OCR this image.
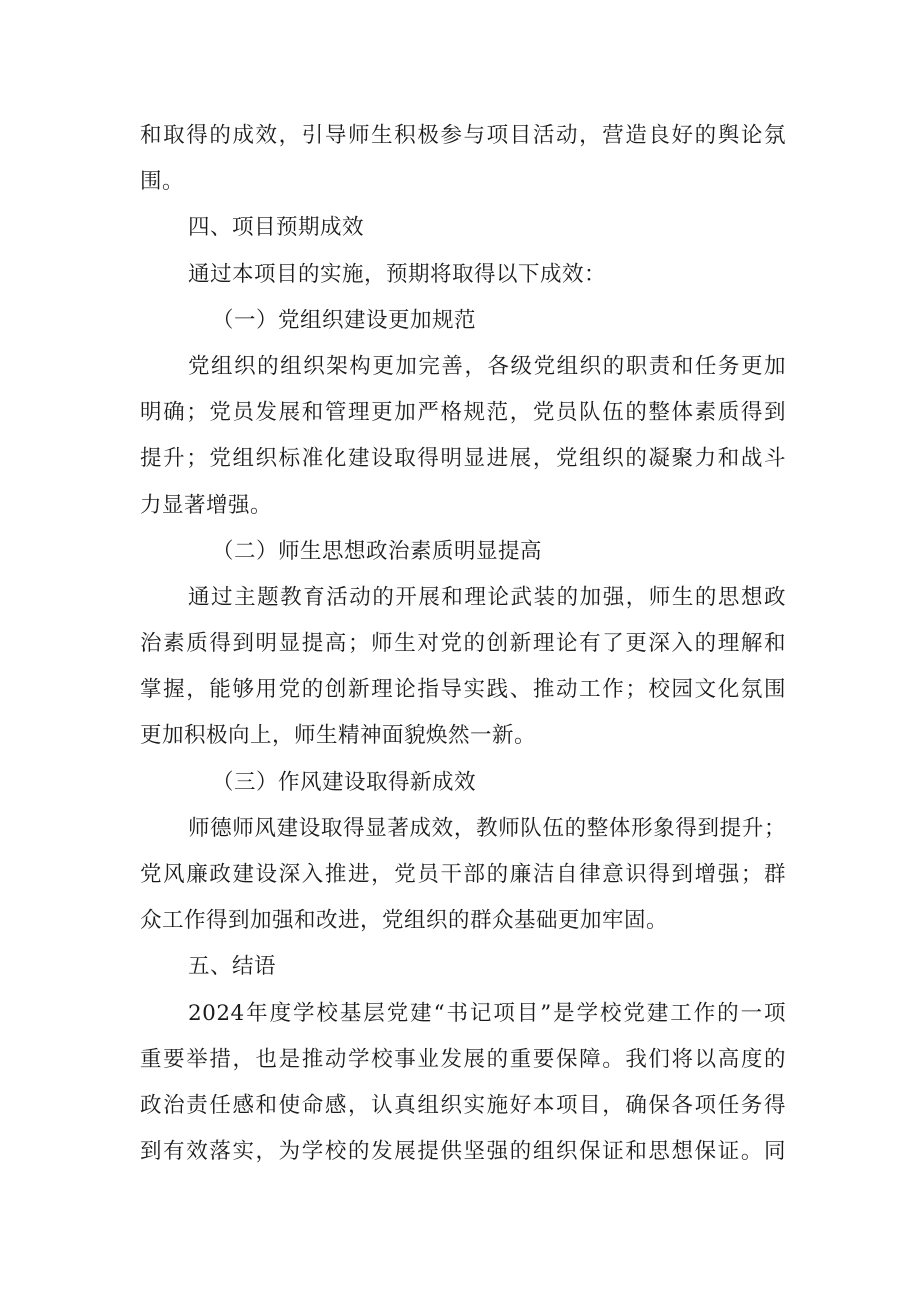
和取得的成效，引导师生积极参与项目活动，营造良好的舆论氛
围。
四、项目预期成效
通过本项目的实施，预期将取得以下成效：
（一）党组织建设更加规范
党组织的组织架构更加完善，各级党组织的职责和任务更加
明确；党员发展和管理更加严格规范，党员队伍的整体素质得到
提升；党组织标准化建设取得明显进展，党组织的凝聚力和战斗
力显著增强。
（二）师生思想政治素质明显提高
通过主题教育活动的开展和理论武装的加强，师生的思想政
治素质得到明显提高；师生对党的创新理论有了更深入的理解和
掌握，能够用党的创新理论指导实践、推动工作；校园文化氛围
更加积极向上，师生精神面貌焕然一新。
（三）作风建设取得新成效
师德师风建设取得显著成效，教师队伍的整体形象得到提升；
党风廉政建设深入推进，党员干部的廉洁自律意识得到增强；群
众工作得到加强和改进，党组织的群众基础更加牢固。
五、结语
2024年度学校基层党建“书记项目”是学校党建工作的一项
重要举措，也是推动学校事业发展的重要保障。我们将以高度的
政治责任感和使命感，认真组织实施好本项目，确保各项任务得
到有效落实，为学校的发展提供坚强的组织保证和思想保证。同
